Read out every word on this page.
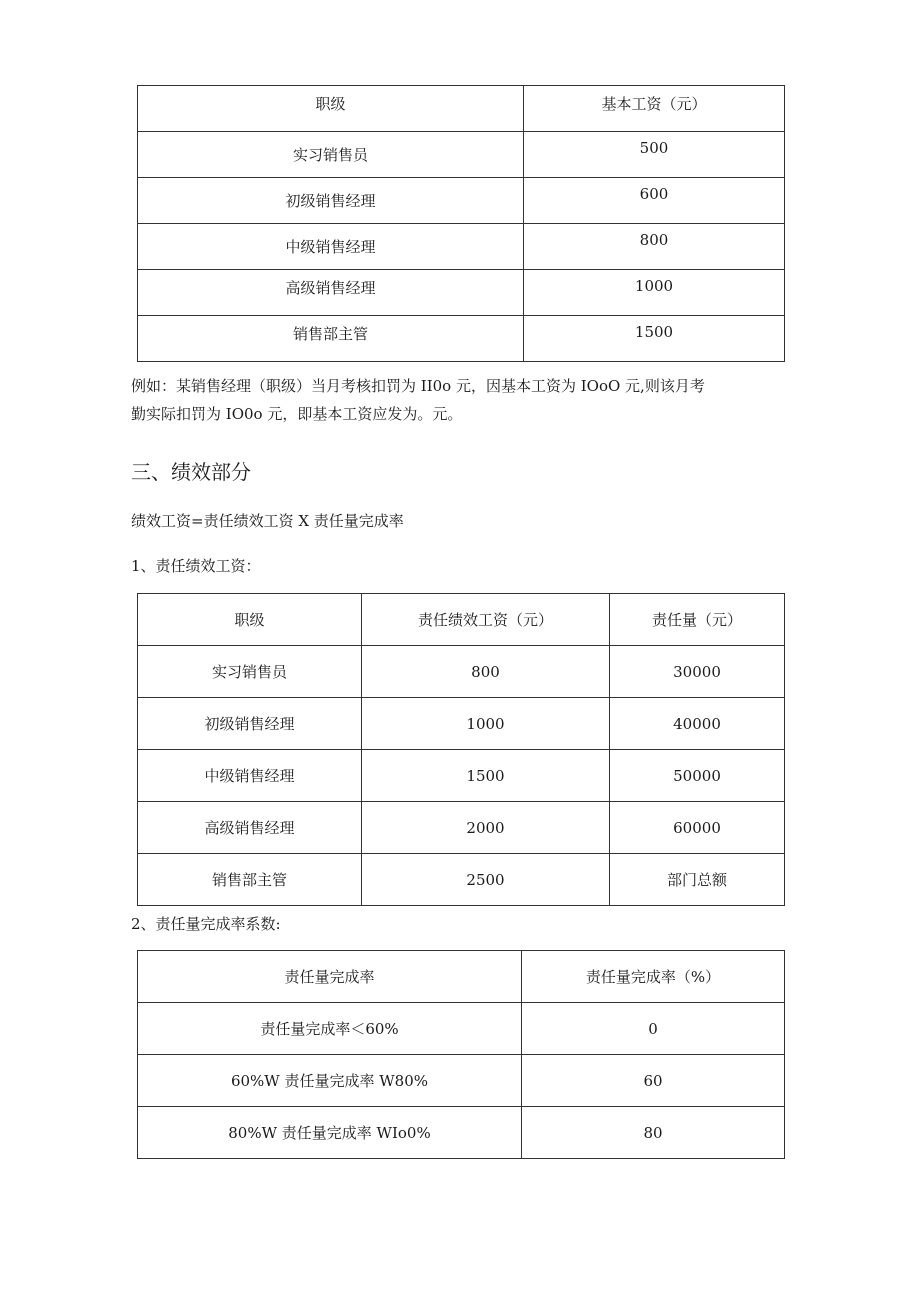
职级	基本工资（元）
实习销售员	500
初级销售经理	600
中级销售经理	800
高级销售经理	1000
销售部主管	1500

例如：某销售经理（职级）当月考核扣罚为 II0o 元，因基本工资为 IOoO 元,则该月考
勤实际扣罚为 IO0o 元，即基本工资应发为。元。

三、绩效部分

绩效工资=责任绩效工资 X 责任量完成率

1、责任绩效工资：

职级	责任绩效工资（元）	责任量（元）
实习销售员	800	30000
初级销售经理	1000	40000
中级销售经理	1500	50000
高级销售经理	2000	60000
销售部主管	2500	部门总额

2、责任量完成率系数:

责任量完成率	责任量完成率（%）
责任量完成率＜60%	0
60%W 责任量完成率 W80%	60
80%W 责任量完成率 WIo0%	80
